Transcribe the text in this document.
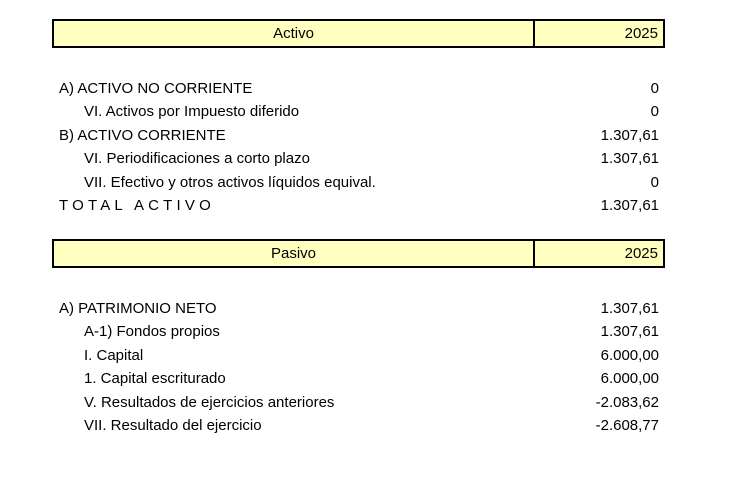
Activo	2025
A) ACTIVO NO CORRIENTE	0
VI. Activos por Impuesto diferido	0
B) ACTIVO CORRIENTE	1.307,61
VI. Periodificaciones a corto plazo	1.307,61
VII. Efectivo y otros activos líquidos equival.	0
TOTAL ACTIVO	1.307,61
Pasivo	2025
A) PATRIMONIO NETO	1.307,61
A-1) Fondos propios	1.307,61
I. Capital	6.000,00
1. Capital escriturado	6.000,00
V. Resultados de ejercicios anteriores	-2.083,62
VII. Resultado del ejercicio	-2.608,77
